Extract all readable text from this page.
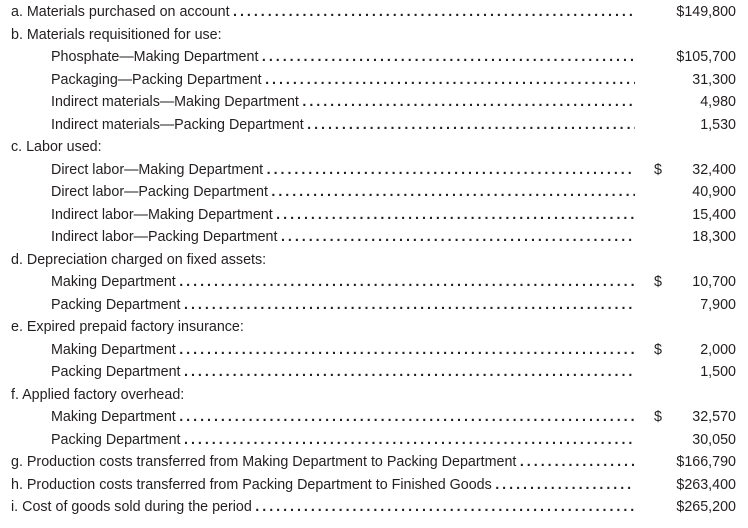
a. Materials purchased on account . . .	$ 149,800
b. Materials requisitioned for use:
Phosphate—Making Department . . .	$ 105,700
Packaging—Packing Department . . .	31,300
Indirect materials—Making Department . . .	4,980
Indirect materials—Packing Department . . .	1,530
c. Labor used:
Direct labor—Making Department . . .	$ 32,400
Direct labor—Packing Department . . .	40,900
Indirect labor—Making Department . . .	15,400
Indirect labor—Packing Department . . .	18,300
d. Depreciation charged on fixed assets:
Making Department . . .	$ 10,700
Packing Department . . .	7,900
e. Expired prepaid factory insurance:
Making Department . . .	$	2,000
Packing Department . . .	1,500
f. Applied factory overhead:
Making Department . . .	$ 32,570
Packing Department . . .	30,050
g. Production costs transferred from Making Department to Packing Department . . .	$ 166,790
h. Production costs transferred from Packing Department to Finished Goods . . .	$ 263,400
i. Cost of goods sold during the period . . .	$ 265,200
